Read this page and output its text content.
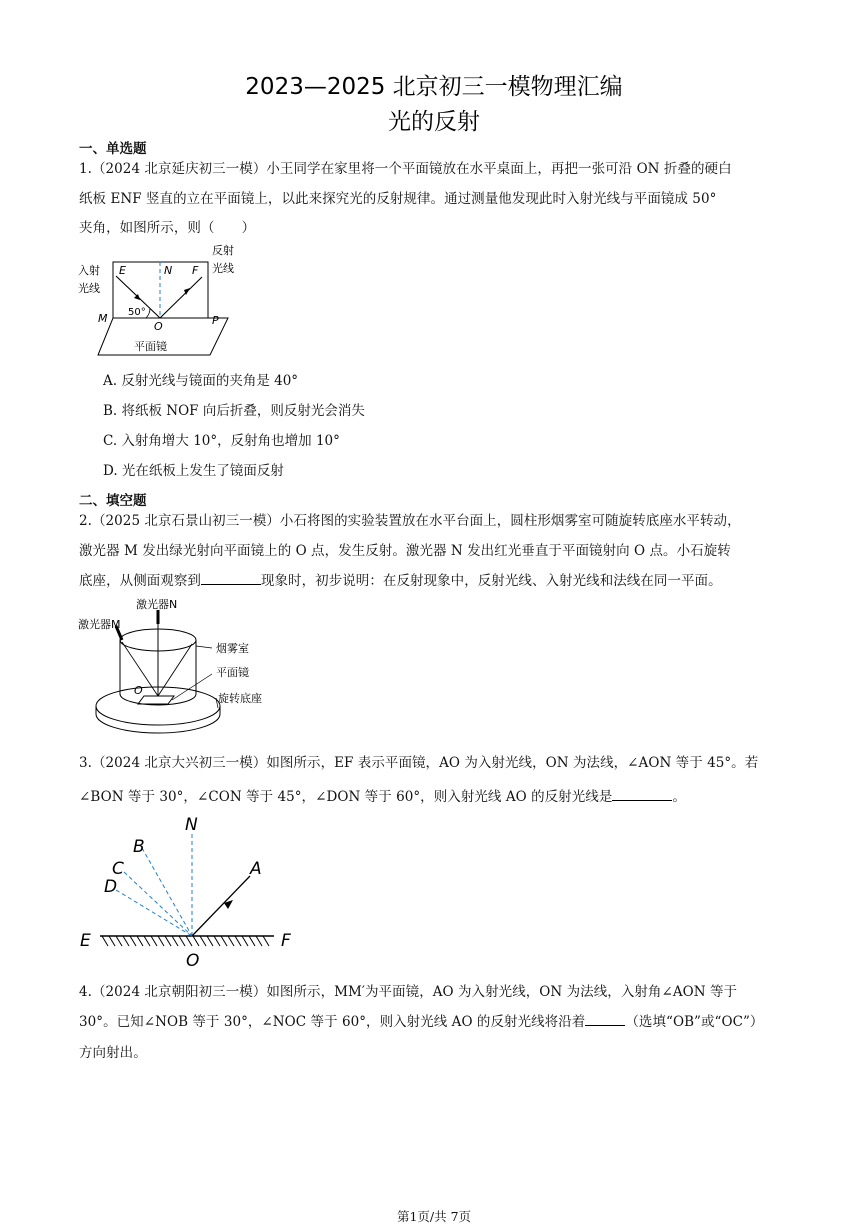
2023—2025 北京初三一模物理汇编
光的反射
一、单选题
1.（2024 北京延庆初三一模）小王同学在家里将一个平面镜放在水平桌面上，再把一张可沿 ON 折叠的硬白
纸板 ENF 竖直的立在平面镜上，以此来探究光的反射规律。通过测量他发现此时入射光线与平面镜成 50°
夹角，如图所示，则（　　）
入射
光线
反射
光线
E	N F
M 50°
O	P
平面镜
A. 反射光线与镜面的夹角是 40°
B. 将纸板 NOF 向后折叠，则反射光会消失
C. 入射角增大 10°，反射角也增加 10°
D. 光在纸板上发生了镜面反射
二、填空题
2.（2025 北京石景山初三一模）小石将图的实验装置放在水平台面上，圆柱形烟雾室可随旋转底座水平转动，
激光器 M 发出绿光射向平面镜上的 O 点，发生反射。激光器 N 发出红光垂直于平面镜射向 O 点。小石旋转
底座，从侧面观察到	现象时，初步说明：在反射现象中，反射光线、入射光线和法线在同一平面。
激光器N
激光器M
烟雾室
平面镜
旋转底座
O
3.（2024 北京大兴初三一模）如图所示，EF 表示平面镜，AO 为入射光线，ON 为法线，∠AON 等于 45°。若
∠BON 等于 30°，∠CON 等于 45°，∠DON 等于 60°，则入射光线 AO 的反射光线是	。
N
A
B
C
D
E	F
O
4.（2024 北京朝阳初三一模）如图所示，MM′为平面镜，AO 为入射光线，ON 为法线，入射角∠AON 等于
30°。已知∠NOB 等于 30°，∠NOC 等于 60°，则入射光线 AO 的反射光线将沿着	（选填“OB”或“OC”）
方向射出。
第1页/共 7页
